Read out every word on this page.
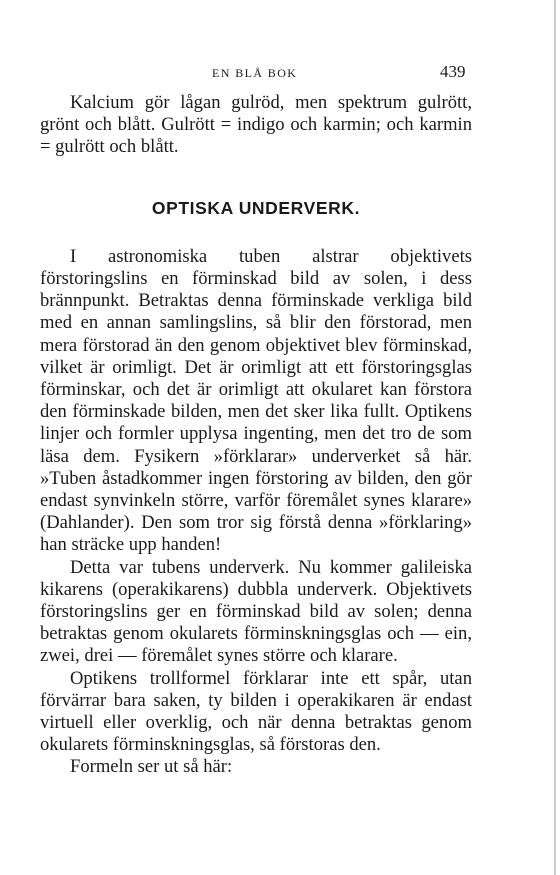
EN BLÅ BOK	439

Kalcium gör lågan gulröd, men spektrum gulrött, grönt och blått. Gulrött = indigo och karmin; och karmin = gulrött och blått.

OPTISKA UNDERVERK.

I astronomiska tuben alstrar objektivets förstoringslins en förminskad bild av solen, i dess brännpunkt. Betraktas denna förminskade verkliga bild med en annan samlingslins, så blir den förstorad, men mera förstorad än den genom objektivet blev förminskad, vilket är orimligt. Det är orimligt att ett förstoringsglas förminskar, och det är orimligt att okularet kan förstora den förminskade bilden, men det sker lika fullt. Optikens linjer och formler upplysa ingenting, men det tro de som läsa dem. Fysikern »förklarar» underverket så här. »Tuben åstadkommer ingen förstoring av bilden, den gör endast synvinkeln större, varför föremålet synes klarare» (Dahlander). Den som tror sig förstå denna »förklaring» han sträcke upp handen!

Detta var tubens underverk. Nu kommer galileiska kikarens (operakikarens) dubbla underverk. Objektivets förstoringslins ger en förminskad bild av solen; denna betraktas genom okularets förminskningsglas och — ein, zwei, drei — föremålet synes större och klarare.

Optikens trollformel förklarar inte ett spår, utan förvärrar bara saken, ty bilden i operakikaren är endast virtuell eller overklig, och när denna betraktas genom okularets förminskningsglas, så förstoras den.

Formeln ser ut så här:
